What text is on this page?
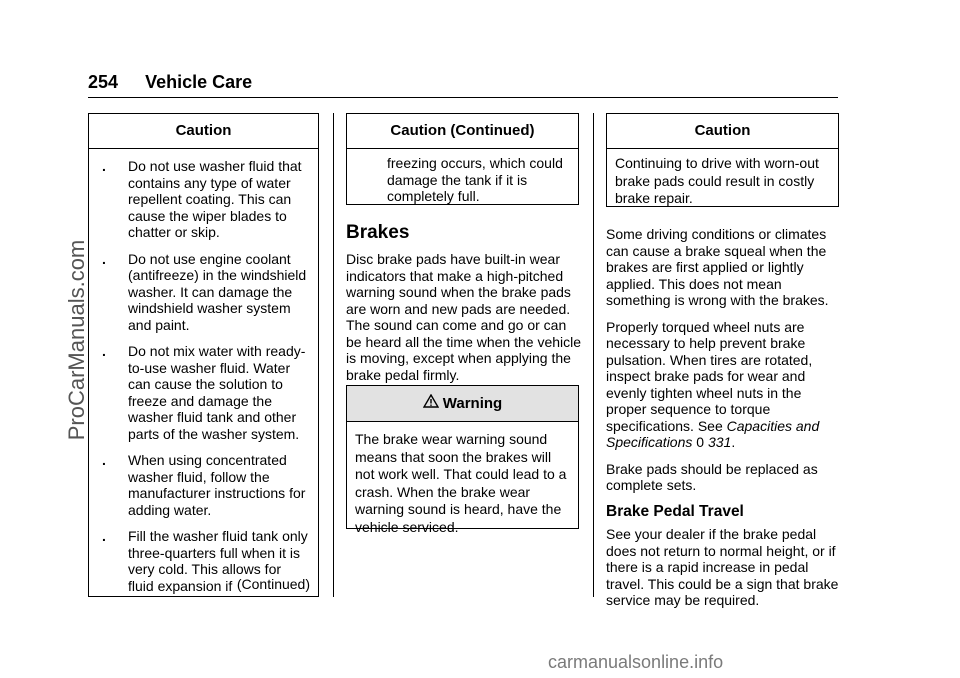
254 Vehicle Care
ProCarManuals.com
carmanualsonline.info
Caution
. Do not use washer fluid that contains any type of water repellent coating. This can cause the wiper blades to chatter or skip.
. Do not use engine coolant (antifreeze) in the windshield washer. It can damage the windshield washer system and paint.
. Do not mix water with ready-to-use washer fluid. Water can cause the solution to freeze and damage the washer fluid tank and other parts of the washer system.
. When using concentrated washer fluid, follow the manufacturer instructions for adding water.
. Fill the washer fluid tank only three-quarters full when it is very cold. This allows for fluid expansion if (Continued)
Caution (Continued)
freezing occurs, which could damage the tank if it is completely full.
Brakes

Disc brake pads have built-in wear indicators that make a high-pitched warning sound when the brake pads are worn and new pads are needed. The sound can come and go or can be heard all the time when the vehicle is moving, except when applying the brake pedal firmly.

Warning
The brake wear warning sound means that soon the brakes will not work well. That could lead to a crash. When the brake wear warning sound is heard, have the vehicle serviced.
Caution
Continuing to drive with worn-out brake pads could result in costly brake repair.

Some driving conditions or climates can cause a brake squeal when the brakes are first applied or lightly applied. This does not mean something is wrong with the brakes.

Properly torqued wheel nuts are necessary to help prevent brake pulsation. When tires are rotated, inspect brake pads for wear and evenly tighten wheel nuts in the proper sequence to torque specifications. See Capacities and Specifications 0 331.

Brake pads should be replaced as complete sets.

Brake Pedal Travel

See your dealer if the brake pedal does not return to normal height, or if there is a rapid increase in pedal travel. This could be a sign that brake service may be required.
